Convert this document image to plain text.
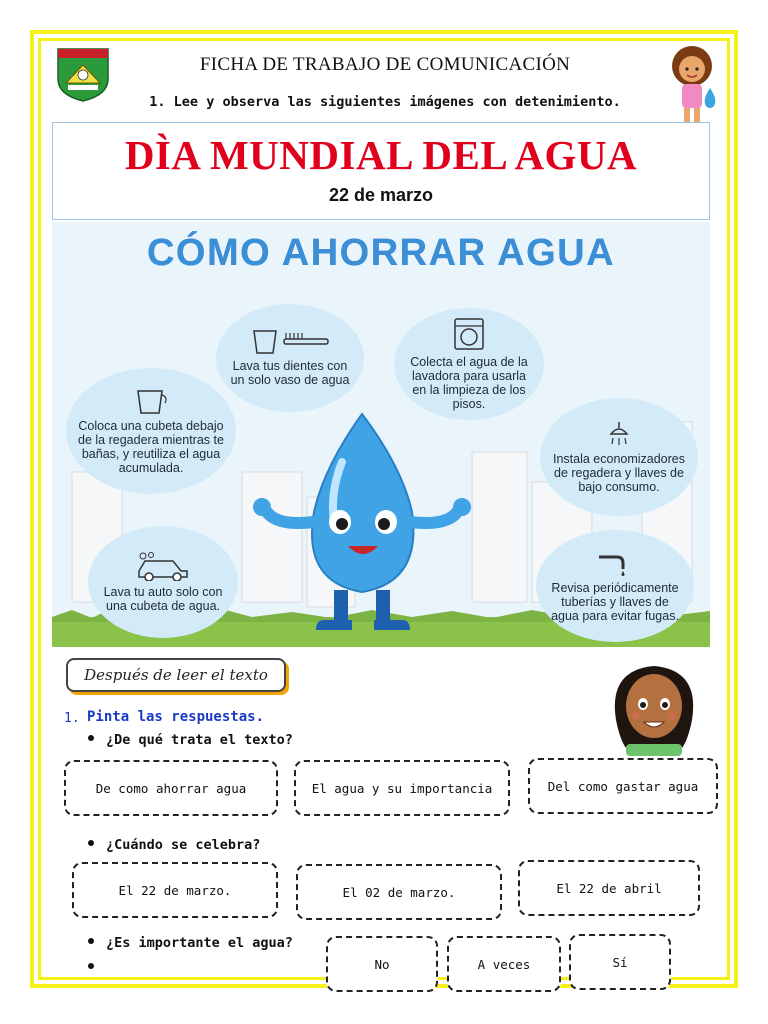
FICHA DE TRABAJO DE COMUNICACIÓN
1. Lee y observa las siguientes imágenes con detenimiento.
DÌA MUNDIAL DEL AGUA
22 de marzo
CÓMO AHORRAR AGUA
Lava tus dientes con un solo vaso de agua
Colecta el agua de la lavadora para usarla en la limpieza de los pisos.
Coloca una cubeta debajo de la regadera mientras te bañas, y reutiliza el agua acumulada.
Instala economizadores de regadera y llaves de bajo consumo.
Lava tu auto solo con una cubeta de agua.
Revisa periódicamente tuberías y llaves de agua para evitar fugas.
Después de leer el texto
1. Pinta las respuestas.
¿De qué trata el texto?
De como ahorrar agua	El agua y su importancia	Del como gastar agua
¿Cuándo se celebra?
El 22 de marzo.	El 02 de marzo.	El 22 de abril
¿Es importante el agua?
No	A veces	Sí
